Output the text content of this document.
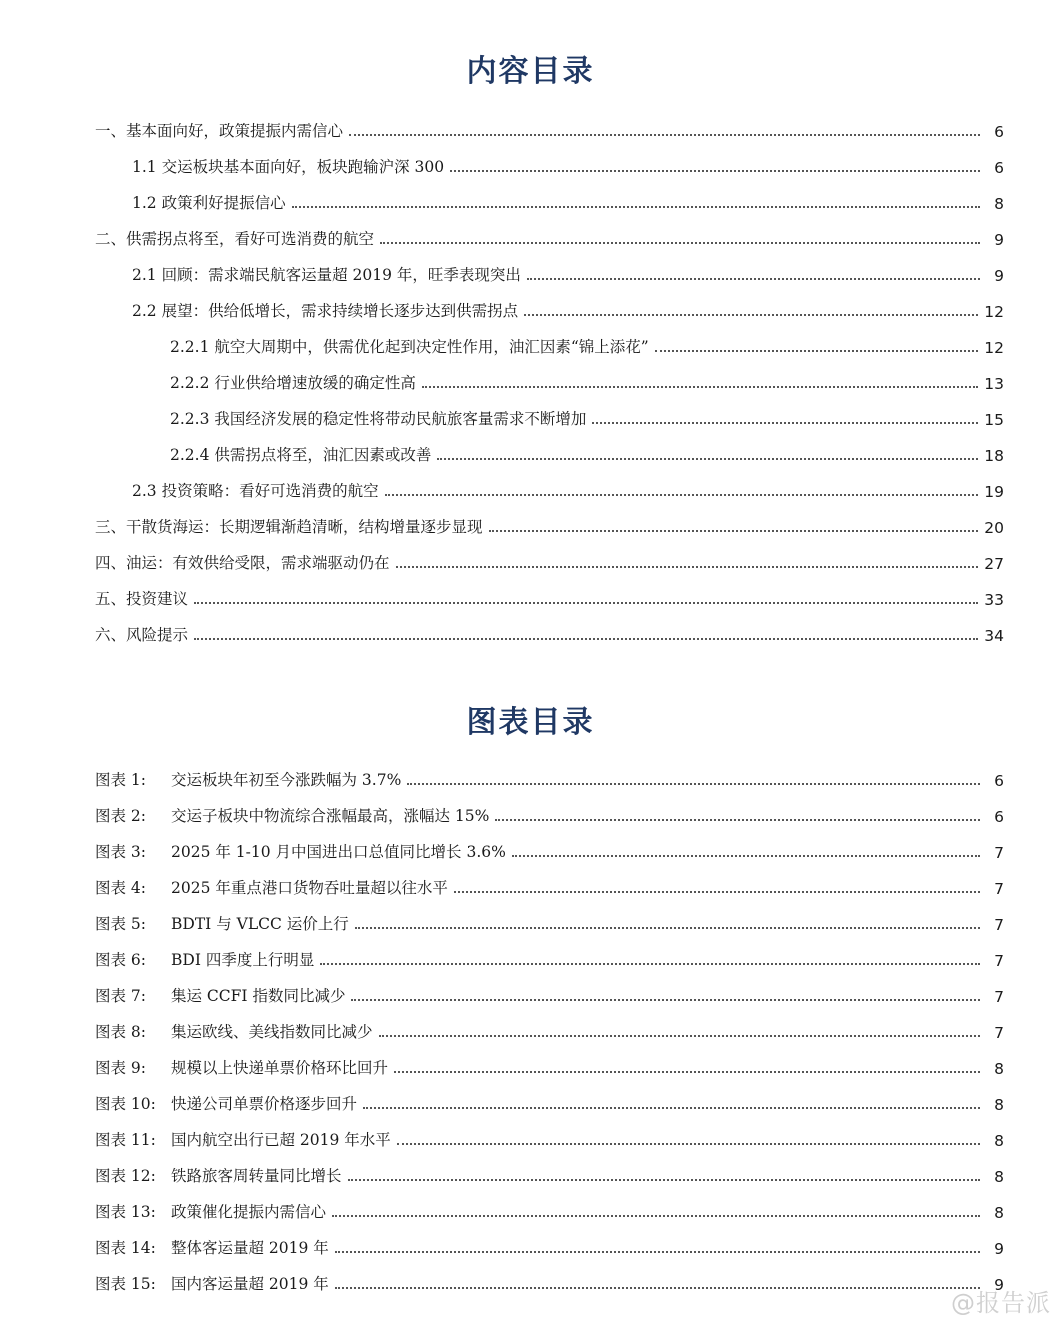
内容目录
一、基本面向好，政策提振内需信心	6
1.1 交运板块基本面向好，板块跑输沪深 300	6
1.2 政策利好提振信心	8
二、供需拐点将至，看好可选消费的航空	9
2.1 回顾：需求端民航客运量超 2019 年，旺季表现突出	9
2.2 展望：供给低增长，需求持续增长逐步达到供需拐点	12
2.2.1 航空大周期中，供需优化起到决定性作用，油汇因素“锦上添花”	12
2.2.2 行业供给增速放缓的确定性高	13
2.2.3 我国经济发展的稳定性将带动民航旅客量需求不断增加	15
2.2.4 供需拐点将至，油汇因素或改善	18
2.3 投资策略：看好可选消费的航空	19
三、干散货海运：长期逻辑渐趋清晰，结构增量逐步显现	20
四、油运：有效供给受限，需求端驱动仍在	27
五、投资建议	33
六、风险提示	34
图表目录
图表 1: 交运板块年初至今涨跌幅为 3.7%	6
图表 2: 交运子板块中物流综合涨幅最高，涨幅达 15%	6
图表 3: 2025 年 1-10 月中国进出口总值同比增长 3.6%	7
图表 4: 2025 年重点港口货物吞吐量超以往水平	7
图表 5: BDTI 与 VLCC 运价上行	7
图表 6: BDI 四季度上行明显	7
图表 7: 集运 CCFI 指数同比减少	7
图表 8: 集运欧线、美线指数同比减少	7
图表 9: 规模以上快递单票价格环比回升	8
图表 10: 快递公司单票价格逐步回升	8
图表 11: 国内航空出行已超 2019 年水平	8
图表 12: 铁路旅客周转量同比增长	8
图表 13: 政策催化提振内需信心	8
图表 14: 整体客运量超 2019 年	9
图表 15: 国内客运量超 2019 年	9
@报告派
